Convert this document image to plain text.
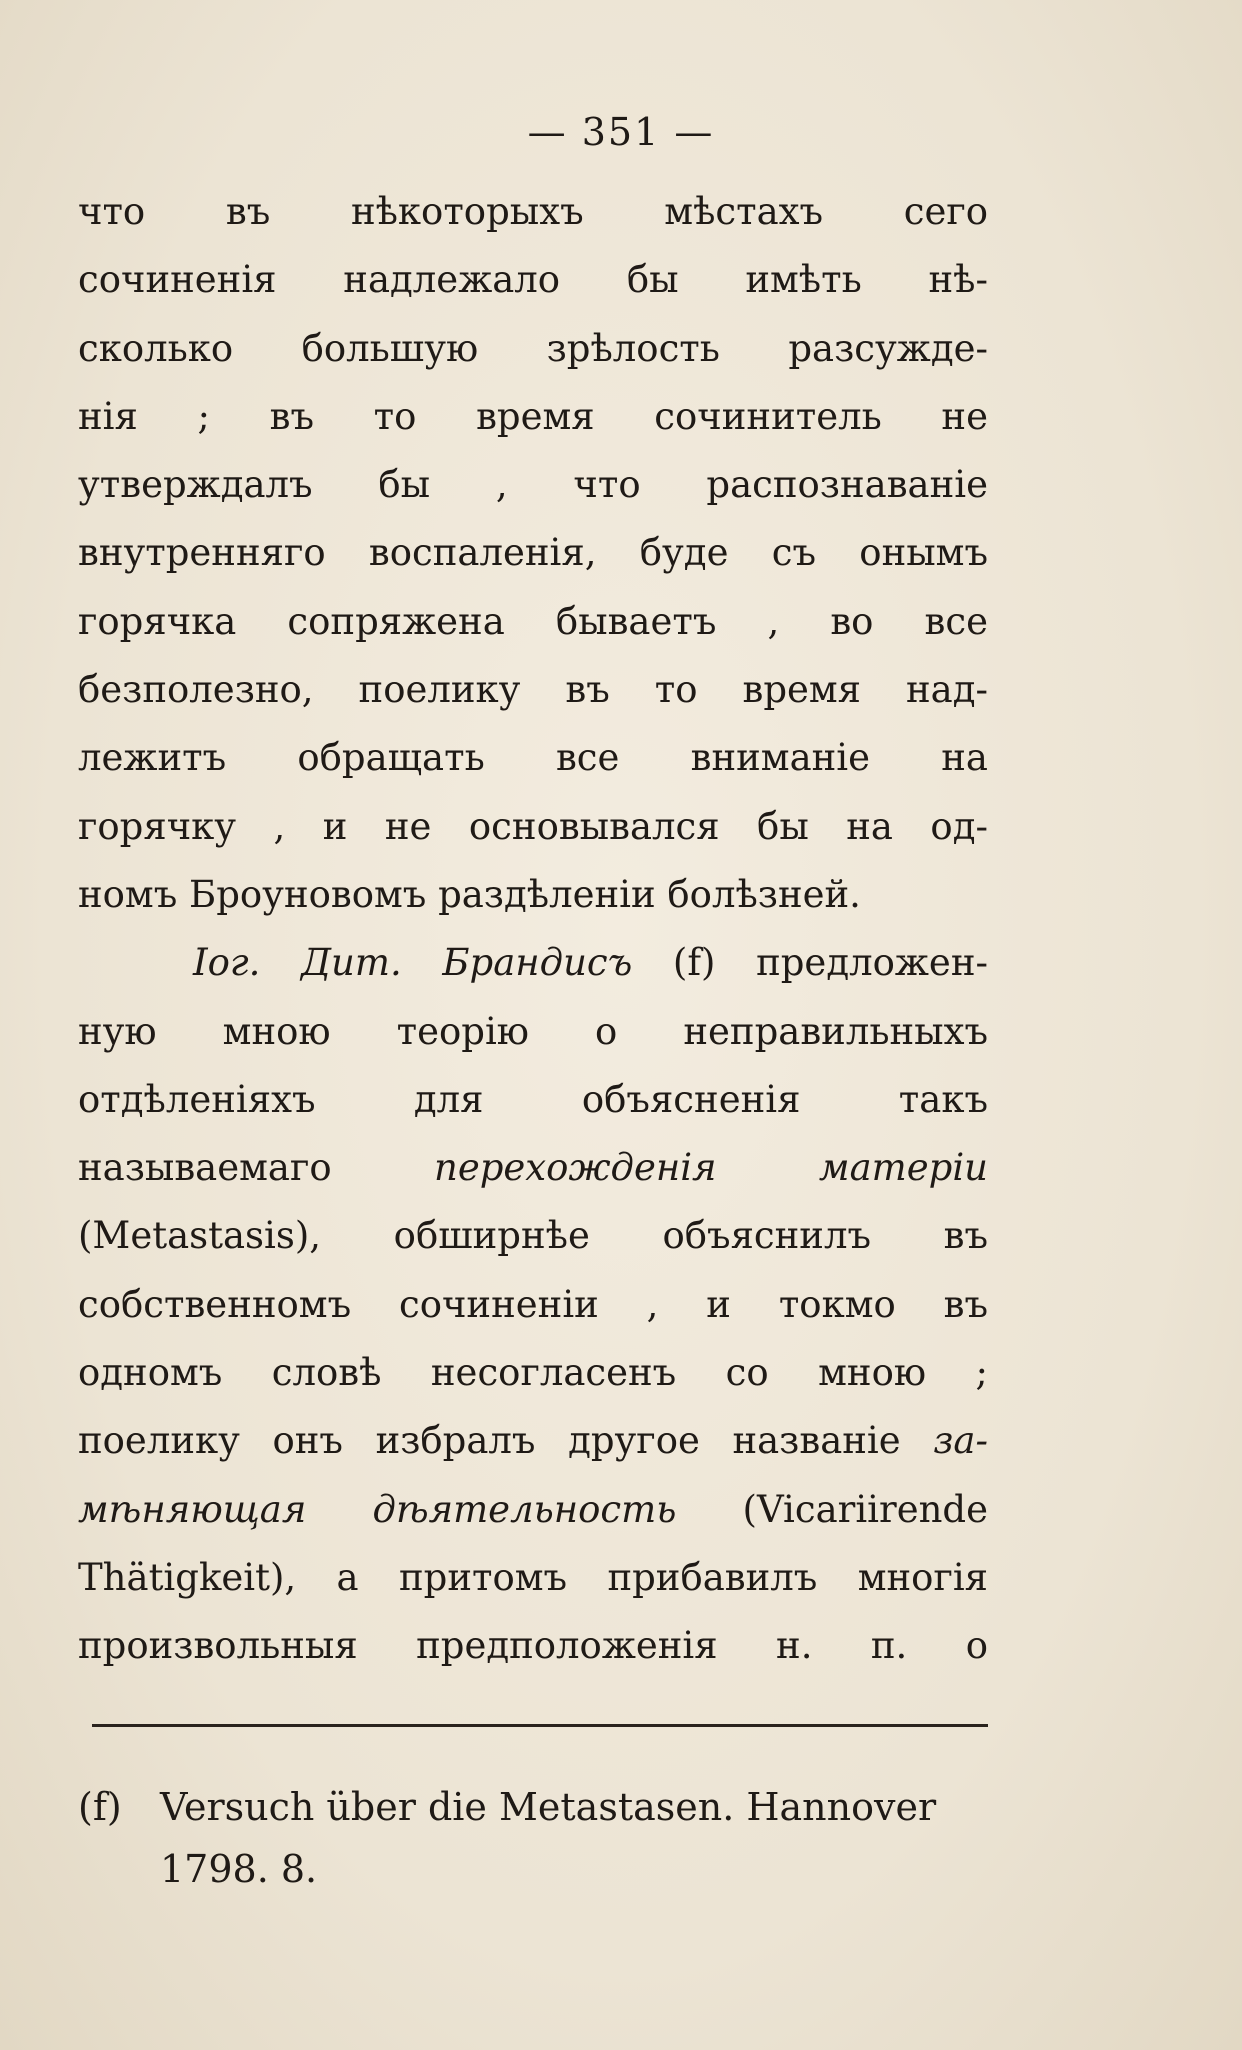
— 351 —
что въ нѣкоторыхъ мѣстахъ сего
сочиненія надлежало бы имѣть нѣ-
сколько большую зрѣлость разсужде-
нія ; въ то время сочинитель не
утверждалъ бы , что распознаваніе
внутренняго воспаленія, буде съ онымъ
горячка сопряжена бываетъ , во все
безполезно, поелику въ то время над-
лежитъ обращать все вниманіе на
горячку , и не основывался бы на од-
номъ Броуновомъ раздѣленіи болѣзней.
Іог. Дит. Брандисъ (f) предложен-
ную мною теорію о неправильныхъ
отдѣленіяхъ для объясненія такъ
называемаго перехожденія матеріи
(Metastasis), обширнѣе объяснилъ въ
собственномъ сочиненіи , и токмо въ
одномъ словѣ несогласенъ со мною ;
поелику онъ избралъ другое названіе за-
мѣняющая дѣятельность (Vicariirende
Thätigkeit), а притомъ прибавилъ многія
произвольныя предположенія н. п. о
(f) Versuch über die Metastasen. Hannover
1798. 8.
